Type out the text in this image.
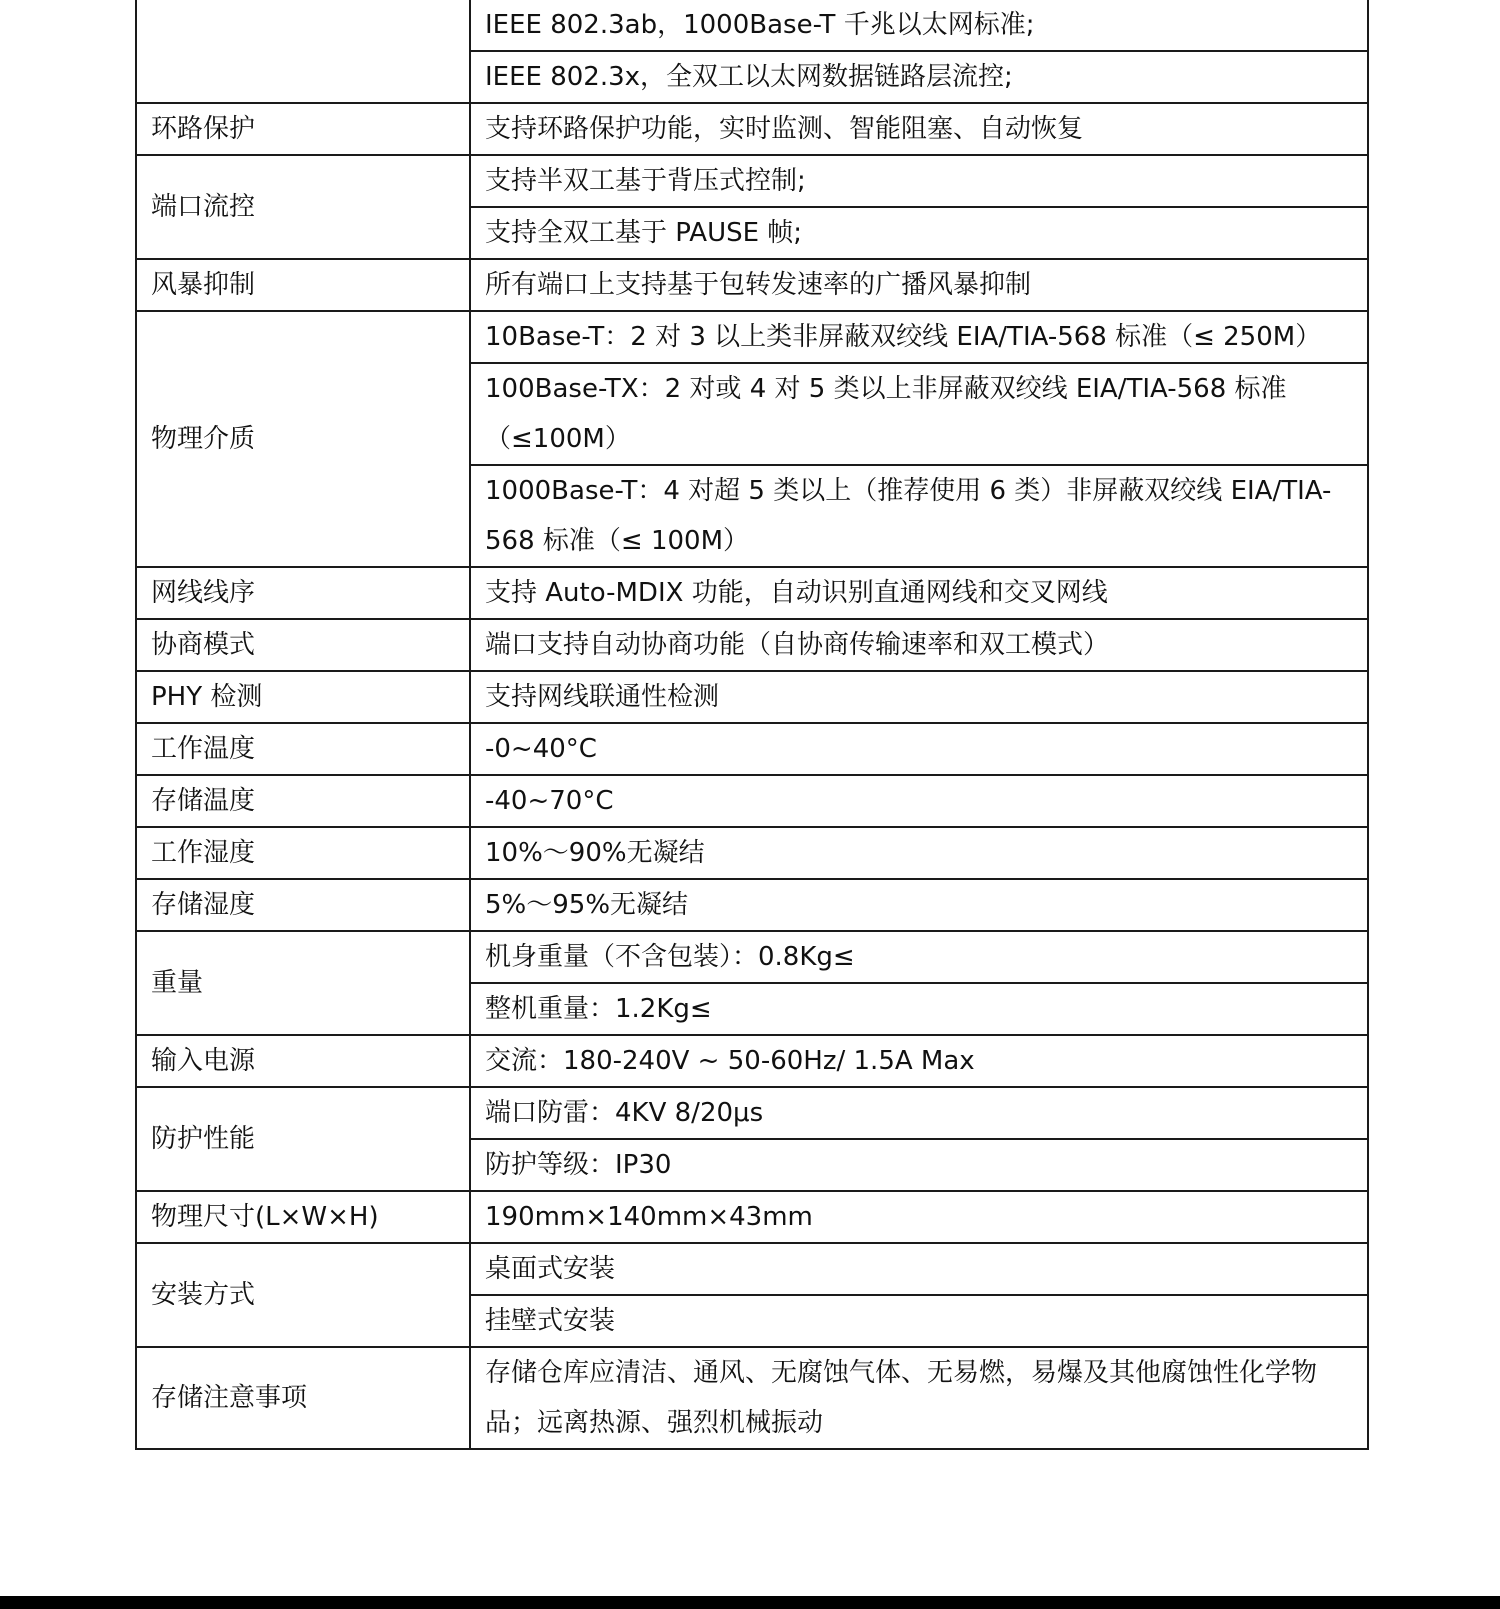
	IEEE 802.3ab，1000Base-T 千兆以太网标准;
	IEEE 802.3x，全双工以太网数据链路层流控;
环路保护	支持环路保护功能，实时监测、智能阻塞、自动恢复
端口流控	支持半双工基于背压式控制;
	支持全双工基于 PAUSE 帧;
风暴抑制	所有端口上支持基于包转发速率的广播风暴抑制
物理介质	10Base-T：2 对 3 以上类非屏蔽双绞线 EIA/TIA-568 标准（≤ 250M）
	100Base-TX：2 对或 4 对 5 类以上非屏蔽双绞线 EIA/TIA-568 标准（≤100M）
	1000Base-T：4 对超 5 类以上（推荐使用 6 类）非屏蔽双绞线 EIA/TIA-568 标准（≤ 100M）
网线线序	支持 Auto-MDIX 功能，自动识别直通网线和交叉网线
协商模式	端口支持自动协商功能（自协商传输速率和双工模式）
PHY 检测	支持网线联通性检测
工作温度	-0~40°C
存储温度	-40~70°C
工作湿度	10%～90%无凝结
存储湿度	5%～95%无凝结
重量	机身重量（不含包装）：0.8Kg≤
	整机重量：1.2Kg≤
输入电源	交流：180-240V ~ 50-60Hz/ 1.5A Max
防护性能	端口防雷：4KV 8/20μs
	防护等级：IP30
物理尺寸(L×W×H)	190mm×140mm×43mm
安装方式	桌面式安装
	挂壁式安装
存储注意事项	存储仓库应清洁、通风、无腐蚀气体、无易燃，易爆及其他腐蚀性化学物品；远离热源、强烈机械振动
